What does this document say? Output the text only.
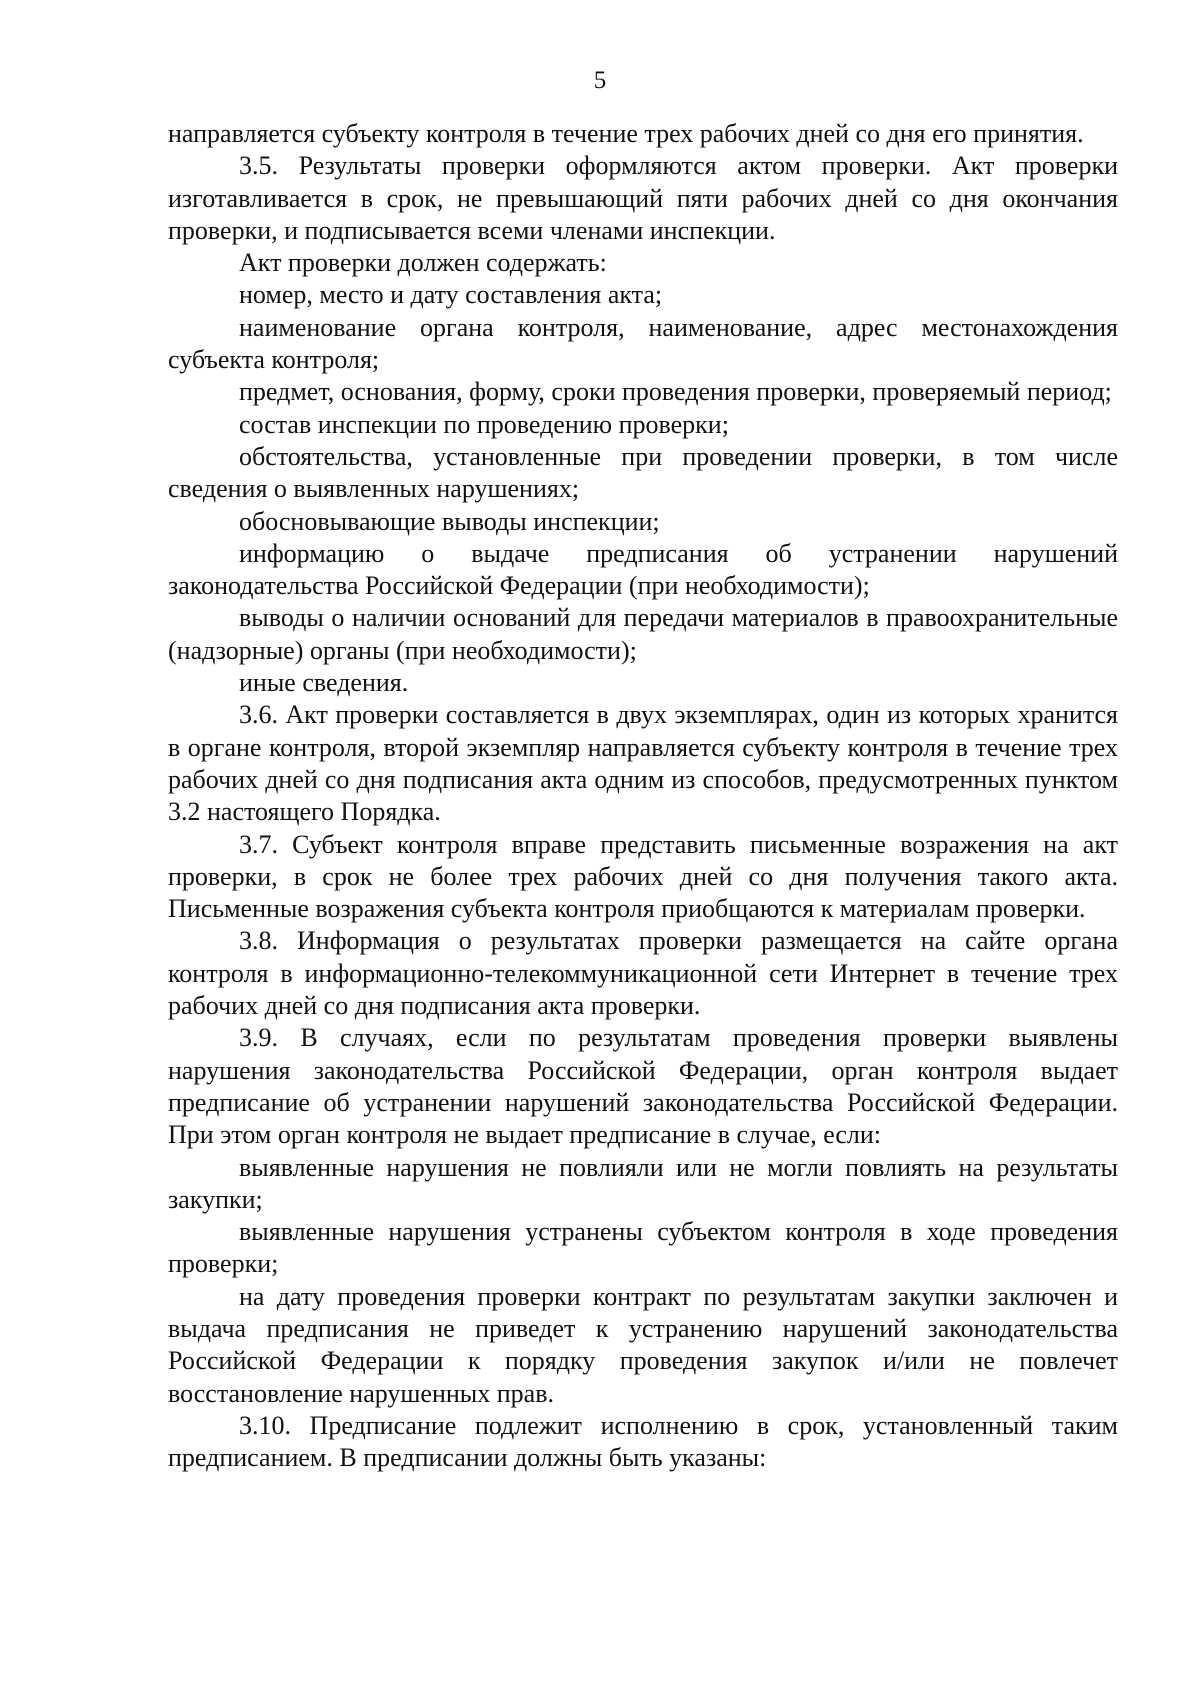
5

направляется субъекту контроля в течение трех рабочих дней со дня его принятия.

3.5. Результаты проверки оформляются актом проверки. Акт проверки изготавливается в срок, не превышающий пяти рабочих дней со дня окончания проверки, и подписывается всеми членами инспекции.

Акт проверки должен содержать:

номер, место и дату составления акта;

наименование органа контроля, наименование, адрес местонахождения субъекта контроля;

предмет, основания, форму, сроки проведения проверки, проверяемый период;

состав инспекции по проведению проверки;

обстоятельства, установленные при проведении проверки, в том числе сведения о выявленных нарушениях;

обосновывающие выводы инспекции;

информацию о выдаче предписания об устранении нарушений законодательства Российской Федерации (при необходимости);

выводы о наличии оснований для передачи материалов в правоохранительные (надзорные) органы (при необходимости);

иные сведения.

3.6. Акт проверки составляется в двух экземплярах, один из которых хранится в органе контроля, второй экземпляр направляется субъекту контроля в течение трех рабочих дней со дня подписания акта одним из способов, предусмотренных пунктом 3.2 настоящего Порядка.

3.7. Субъект контроля вправе представить письменные возражения на акт проверки, в срок не более трех рабочих дней со дня получения такого акта. Письменные возражения субъекта контроля приобщаются к материалам проверки.

3.8. Информация о результатах проверки размещается на сайте органа контроля в информационно-телекоммуникационной сети Интернет в течение трех рабочих дней со дня подписания акта проверки.

3.9. В случаях, если по результатам проведения проверки выявлены нарушения законодательства Российской Федерации, орган контроля выдает предписание об устранении нарушений законодательства Российской Федерации. При этом орган контроля не выдает предписание в случае, если:

выявленные нарушения не повлияли или не могли повлиять на результаты закупки;

выявленные нарушения устранены субъектом контроля в ходе проведения проверки;

на дату проведения проверки контракт по результатам закупки заключен и выдача предписания не приведет к устранению нарушений законодательства Российской Федерации к порядку проведения закупок и/или не повлечет восстановление нарушенных прав.

3.10. Предписание подлежит исполнению в срок, установленный таким предписанием. В предписании должны быть указаны:
